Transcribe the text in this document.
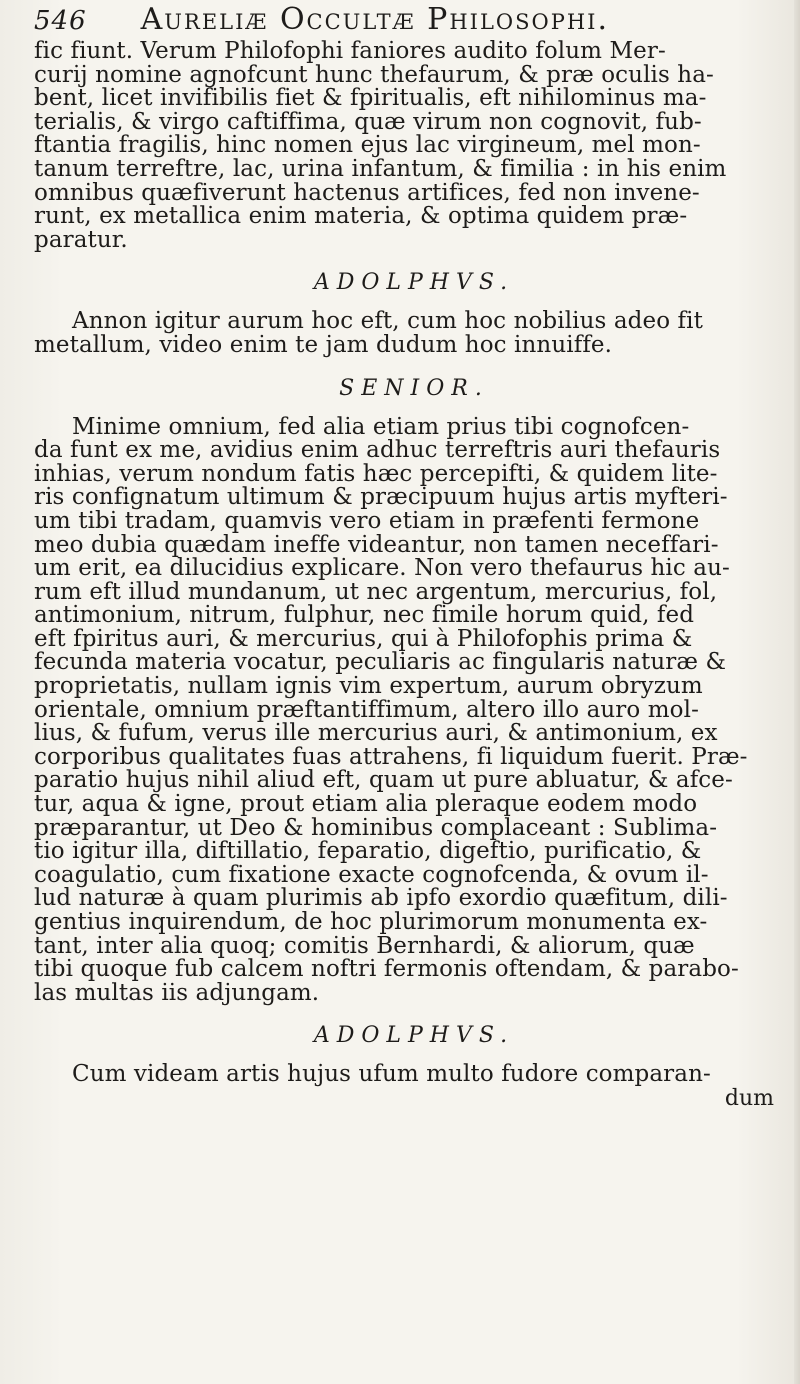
546 Aureliæ Occultæ Philosophi.
fic fiunt. Verum Philofophi faniores audito folum Mer-
curij nomine agnofcunt hunc thefaurum, & præ oculis ha-
bent, licet invifibilis fiet & fpiritualis, eft nihilominus ma-
terialis, & virgo caftiffima, quæ virum non cognovit, fub-
ftantia fragilis, hinc nomen ejus lac virgineum, mel mon-
tanum terreftre, lac, urina infantum, & fimilia : in his enim
omnibus quæfiverunt hactenus artifices, fed non invene-
runt, ex metallica enim materia, & optima quidem præ-
paratur.
ADOLPHVS.
Annon igitur aurum hoc eft, cum hoc nobilius adeo fit
metallum, video enim te jam dudum hoc innuiffe.
SENIOR.
Minime omnium, fed alia etiam prius tibi cognofcen-
da funt ex me, avidius enim adhuc terreftris auri thefauris
inhias, verum nondum fatis hæc percepifti, & quidem lite-
ris confignatum ultimum & præcipuum hujus artis myfteri-
um tibi tradam, quamvis vero etiam in præfenti fermone
meo dubia quædam ineffe videantur, non tamen neceffari-
um erit, ea dilucidius explicare. Non vero thefaurus hic au-
rum eft illud mundanum, ut nec argentum, mercurius, fol,
antimonium, nitrum, fulphur, nec fimile horum quid, fed
eft fpiritus auri, & mercurius, qui à Philofophis prima &
fecunda materia vocatur, peculiaris ac fingularis naturæ &
proprietatis, nullam ignis vim expertum, aurum obryzum
orientale, omnium præftantiffimum, altero illo auro mol-
lius, & fufum, verus ille mercurius auri, & antimonium, ex
corporibus qualitates fuas attrahens, fi liquidum fuerit. Præ-
paratio hujus nihil aliud eft, quam ut pure abluatur, & afce-
tur, aqua & igne, prout etiam alia pleraque eodem modo
præparantur, ut Deo & hominibus complaceant : Sublima-
tio igitur illa, diftillatio, feparatio, digeftio, purificatio, &
coagulatio, cum fixatione exacte cognofcenda, & ovum il-
lud naturæ à quam plurimis ab ipfo exordio quæfitum, dili-
gentius inquirendum, de hoc plurimorum monumenta ex-
tant, inter alia quoq; comitis Bernhardi, & aliorum, quæ
tibi quoque fub calcem noftri fermonis oftendam, & parabo-
las multas iis adjungam.
ADOLPHVS.
Cum videam artis hujus ufum multo fudore comparan-
dum
